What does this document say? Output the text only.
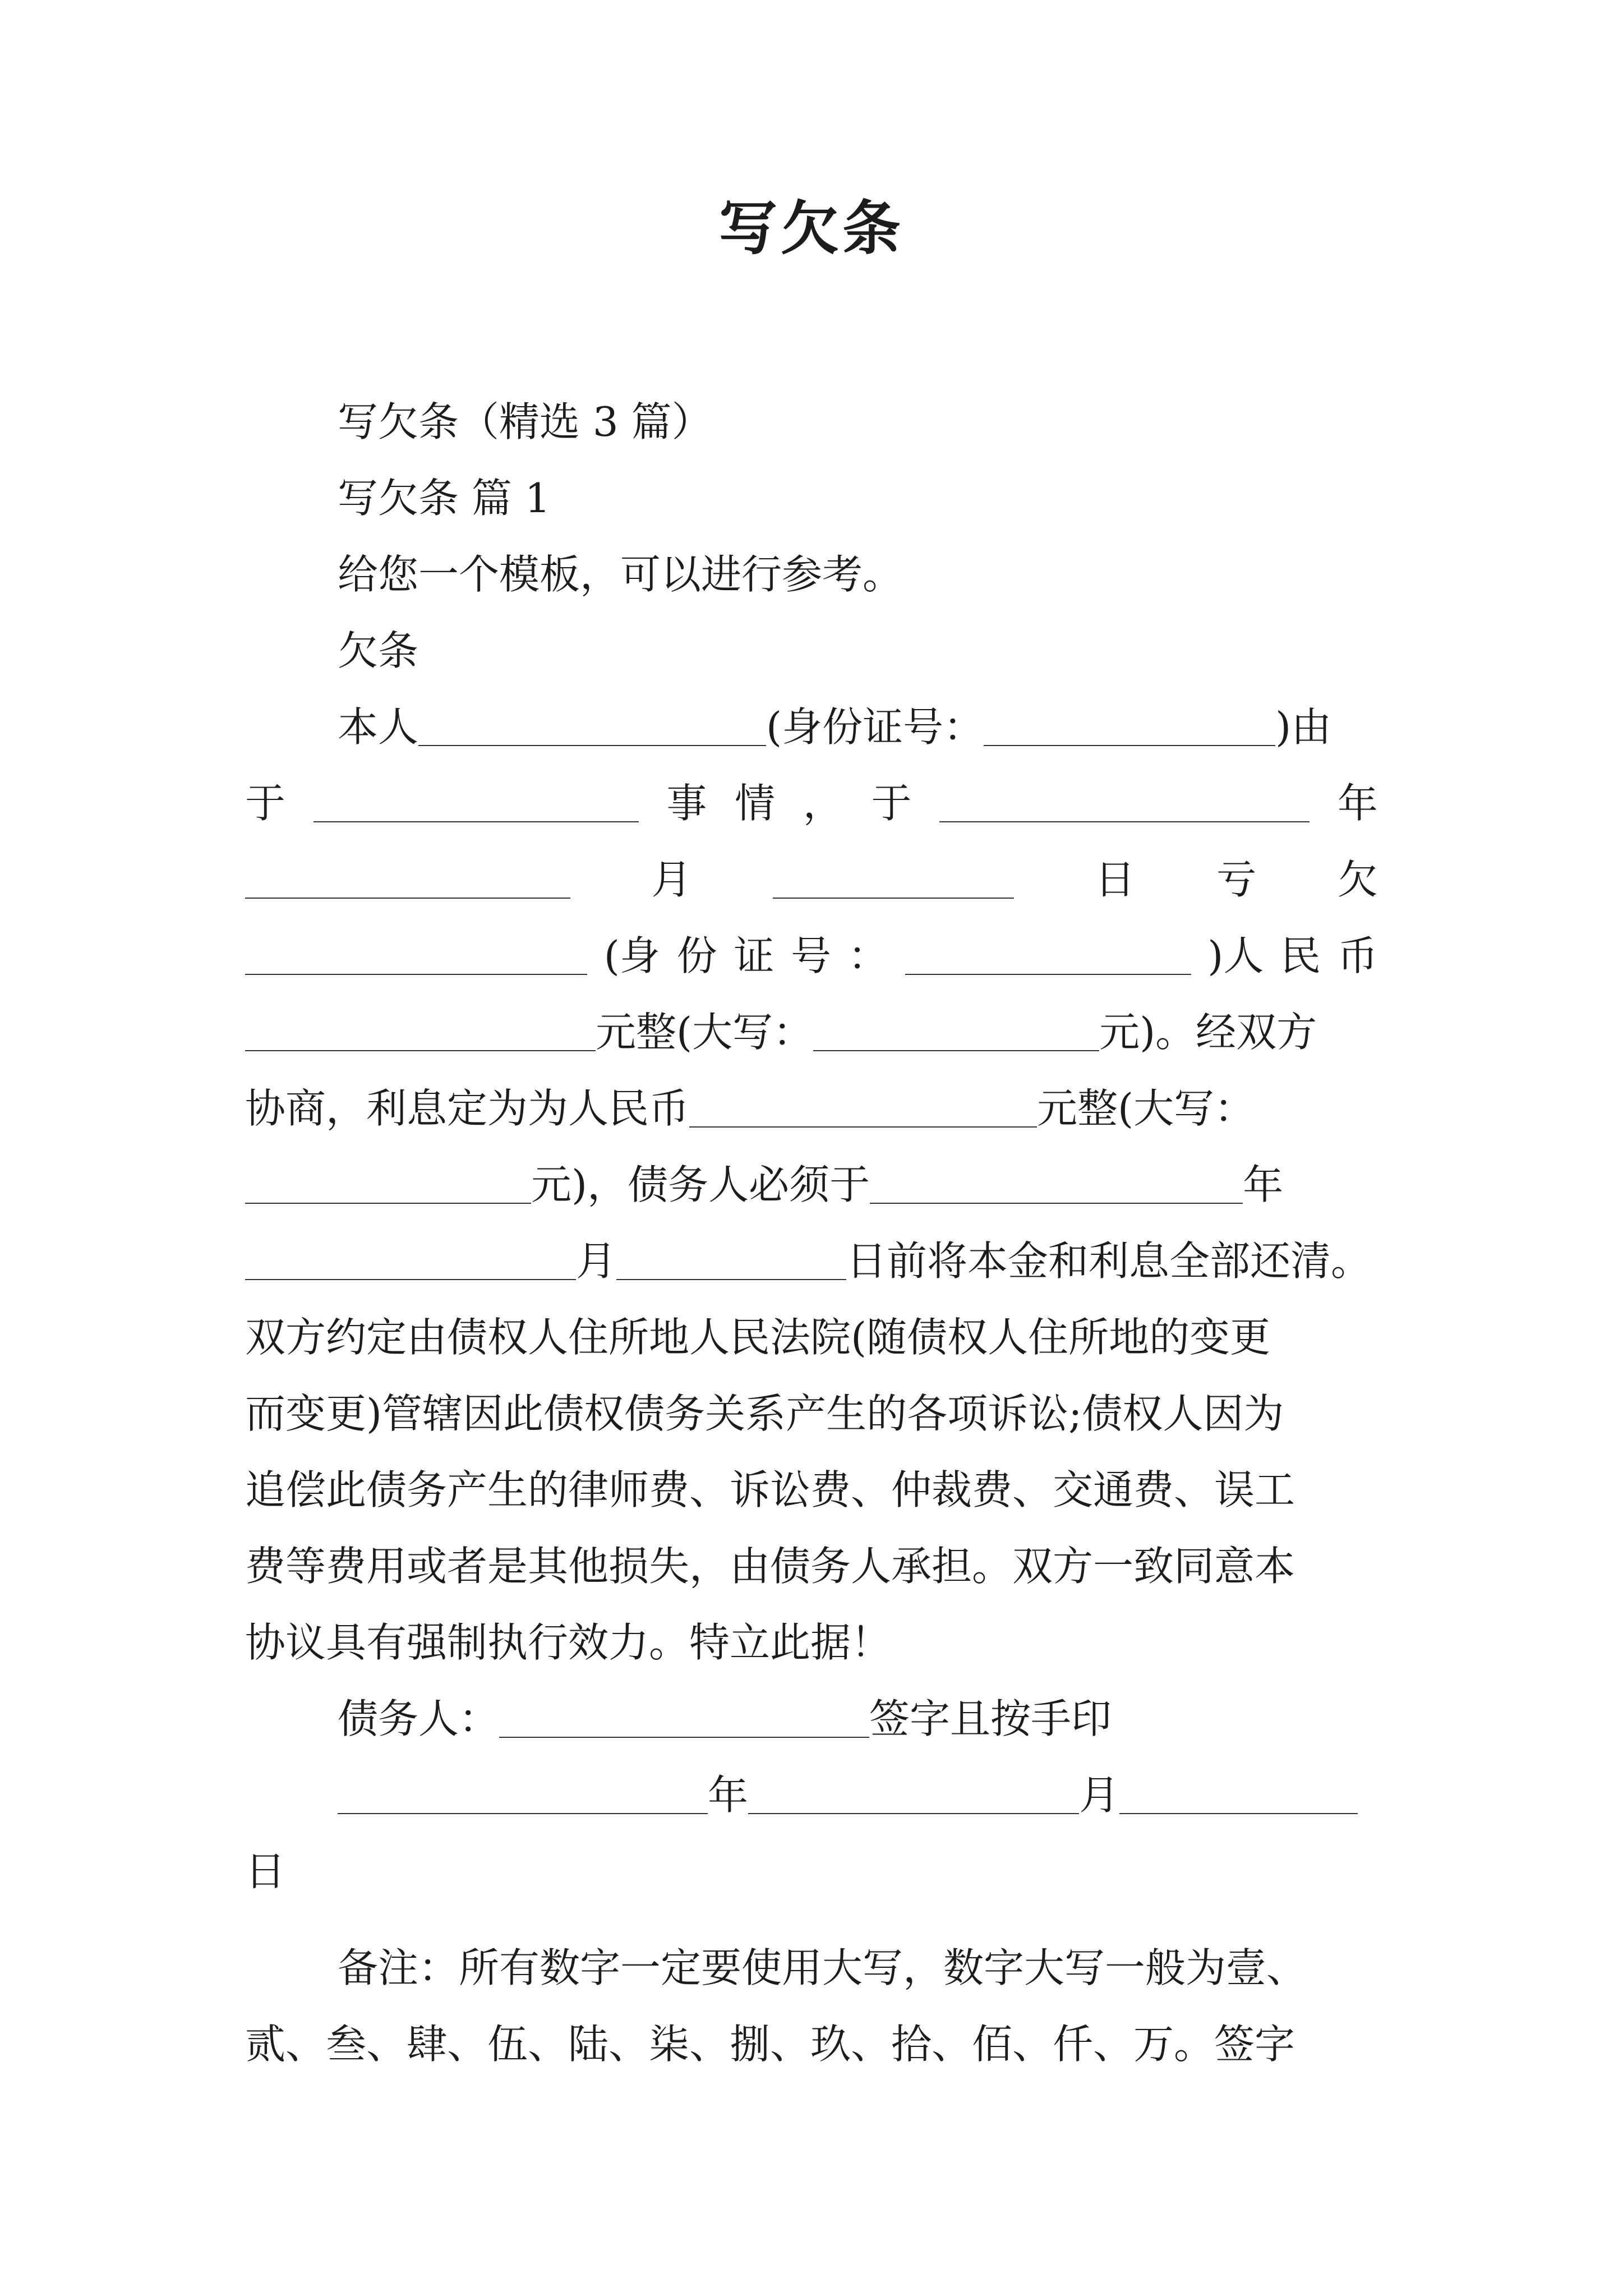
写欠条
写欠条（精选 3 篇）
写欠条 篇 1
给您一个模板，可以进行参考。
欠条
本人	(身份证号：	)由
于	事 情 ， 于	年
月	日 亏 欠
(身 份 证 号 ：	)人 民 币
元整(大写：	元)。经双方
协商，利息定为为人民币	元整(大写：
元)，债务人必须于	年
月	日前将本金和利息全部还清。
双方约定由债权人住所地人民法院(随债权人住所地的变更
而变更)管辖因此债权债务关系产生的各项诉讼;债权人因为
追偿此债务产生的律师费、诉讼费、仲裁费、交通费、误工
费等费用或者是其他损失，由债务人承担。双方一致同意本
协议具有强制执行效力。特立此据！
债务人：	签字且按手印
年	月
日
备注：所有数字一定要使用大写，数字大写一般为壹、
贰、叁、肆、伍、陆、柒、捌、玖、拾、佰、仟、万。签字
